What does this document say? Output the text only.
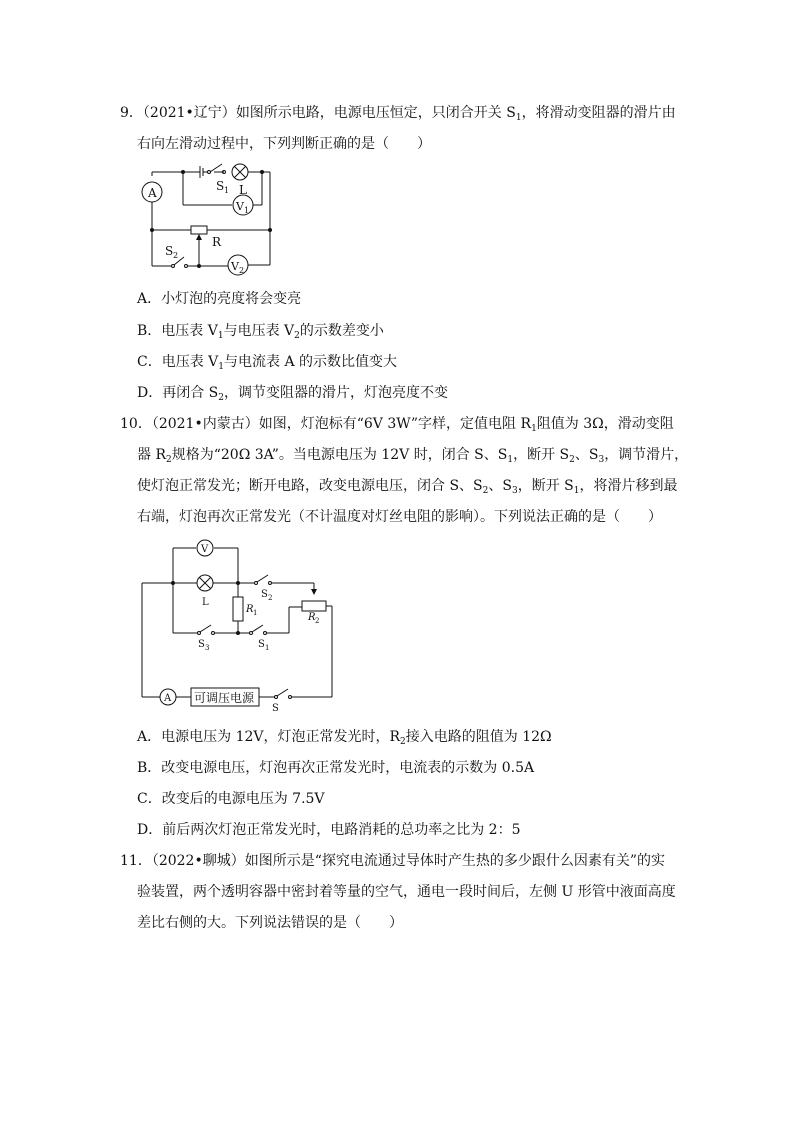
9．（2021•辽宁）如图所示电路，电源电压恒定，只闭合开关 $S_1$，将滑动变阻器的滑片由
右向左滑动过程中，下列判断正确的是（　　）
A	S 1 L
V 1
R
S 2
V 2
A．小灯泡的亮度将会变亮
B．电压表 $V_1$与电压表 $V_2$的示数差变小
C．电压表 $V_1$与电流表 A 的示数比值变大
D．再闭合 $S_2$，调节变阻器的滑片，灯泡亮度不变
10．（2021•内蒙古）如图，灯泡标有“6V 3W”字样，定值电阻 $R_1$阻值为 3Ω，滑动变阻
器 $R_2$规格为“20Ω 3A”。当电源电压为 12V 时，闭合 S、$S_1$，断开 $S_2$、$S_3$，调节滑片，
使灯泡正常发光；断开电路，改变电源电压，闭合 S、$S_2$、$S_3$，断开 $S_1$，将滑片移到最
右端，灯泡再次正常发光（不计温度对灯丝电阻的影响）。下列说法正确的是（　　）
V
L
S 2
R 1	R 2
S 3	S 1
A 可调压电源
S
A．电源电压为 12V，灯泡正常发光时，$R_2$接入电路的阻值为 12Ω
B．改变电源电压，灯泡再次正常发光时，电流表的示数为 0.5A
C．改变后的电源电压为 7.5V
D．前后两次灯泡正常发光时，电路消耗的总功率之比为 2：5
11．（2022•聊城）如图所示是“探究电流通过导体时产生热的多少跟什么因素有关”的实
验装置，两个透明容器中密封着等量的空气，通电一段时间后，左侧 U 形管中液面高度
差比右侧的大。下列说法错误的是（　　）
